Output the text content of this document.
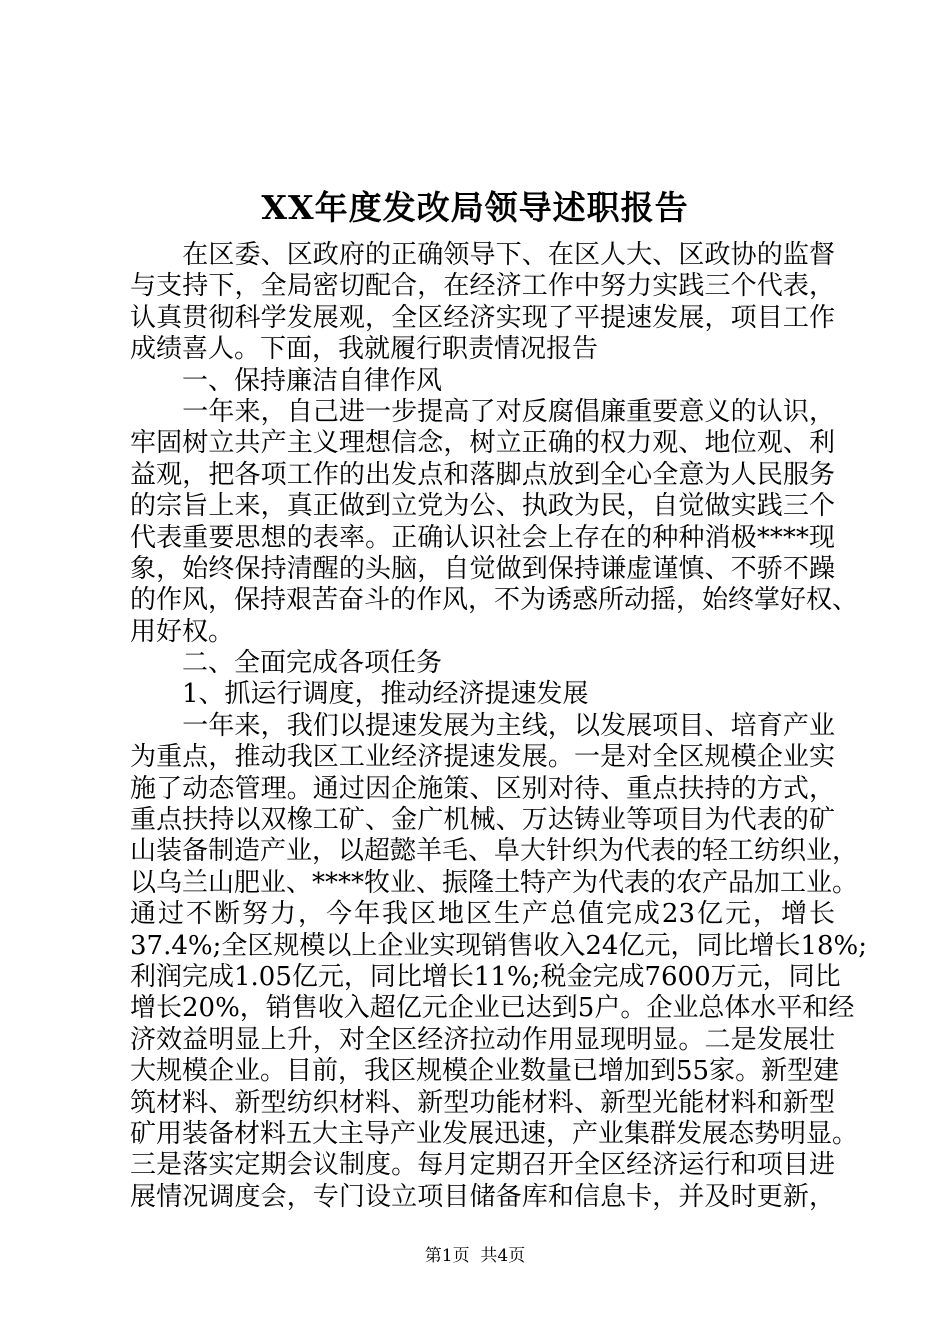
XX年度发改局领导述职报告
　　在区委、区政府的正确领导下、在区人大、区政协的监督
与支持下，全局密切配合，在经济工作中努力实践三个代表，
认真贯彻科学发展观，全区经济实现了平提速发展，项目工作
成绩喜人。下面，我就履行职责情况报告
　　一、保持廉洁自律作风
　　一年来，自己进一步提高了对反腐倡廉重要意义的认识，
牢固树立共产主义理想信念，树立正确的权力观、地位观、利
益观，把各项工作的出发点和落脚点放到全心全意为人民服务
的宗旨上来，真正做到立党为公、执政为民，自觉做实践三个
代表重要思想的表率。正确认识社会上存在的种种消极****现
象，始终保持清醒的头脑，自觉做到保持谦虚谨慎、不骄不躁
的作风，保持艰苦奋斗的作风，不为诱惑所动摇，始终掌好权、
用好权。
　　二、全面完成各项任务
　　1、抓运行调度，推动经济提速发展
　　一年来，我们以提速发展为主线，以发展项目、培育产业
为重点，推动我区工业经济提速发展。一是对全区规模企业实
施了动态管理。通过因企施策、区别对待、重点扶持的方式，
重点扶持以双橡工矿、金广机械、万达铸业等项目为代表的矿
山装备制造产业，以超懿羊毛、阜大针织为代表的轻工纺织业，
以乌兰山肥业、****牧业、振隆土特产为代表的农产品加工业。
通过不断努力，今年我区地区生产总值完成23亿元，增长
37.4%;全区规模以上企业实现销售收入24亿元，同比增长18%;
利润完成1.05亿元，同比增长11%;税金完成7600万元，同比
增长20%，销售收入超亿元企业已达到5户。企业总体水平和经
济效益明显上升，对全区经济拉动作用显现明显。二是发展壮
大规模企业。目前，我区规模企业数量已增加到55家。新型建
筑材料、新型纺织材料、新型功能材料、新型光能材料和新型
矿用装备材料五大主导产业发展迅速，产业集群发展态势明显。
三是落实定期会议制度。每月定期召开全区经济运行和项目进
展情况调度会，专门设立项目储备库和信息卡，并及时更新，
第1页  共4页
